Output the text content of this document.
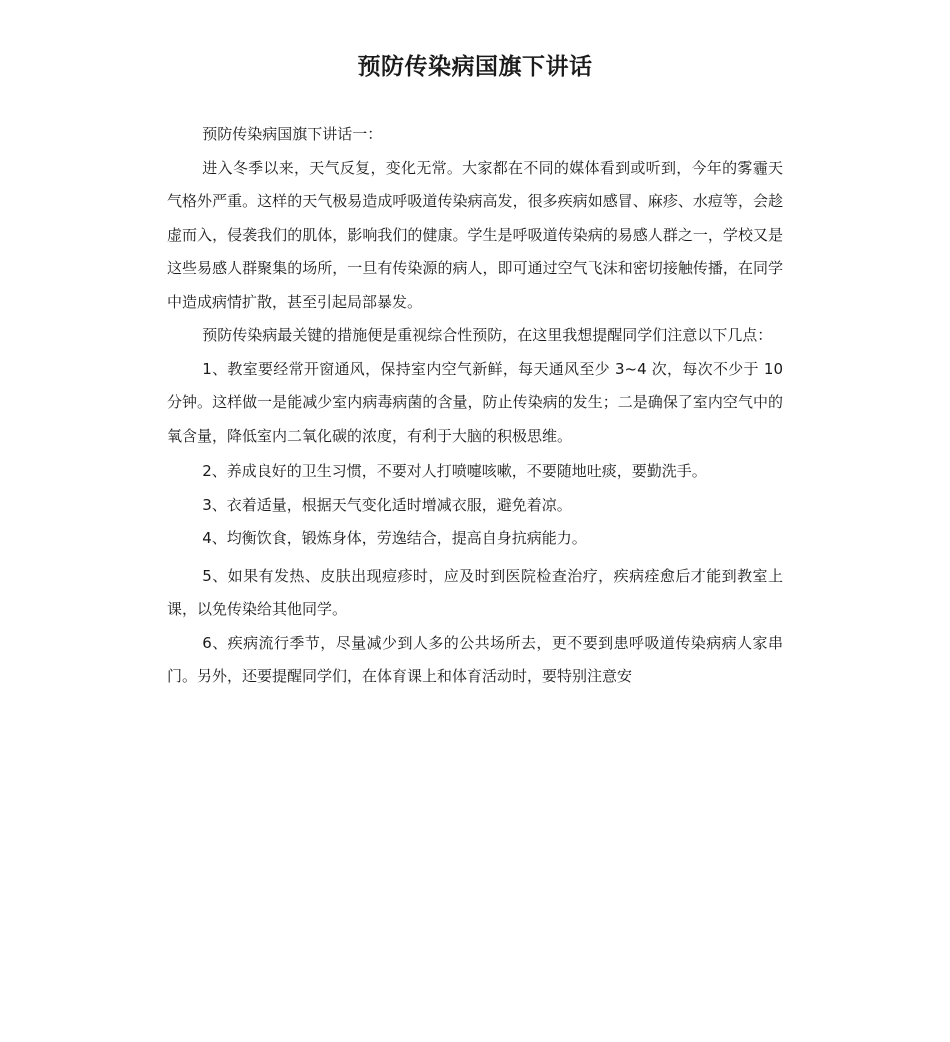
预防传染病国旗下讲话

预防传染病国旗下讲话一：

进入冬季以来，天气反复，变化无常。大家都在不同的媒体看到或听到，今年的雾霾天气格外严重。这样的天气极易造成呼吸道传染病高发，很多疾病如感冒、麻疹、水痘等，会趁虚而入，侵袭我们的肌体，影响我们的健康。学生是呼吸道传染病的易感人群之一，学校又是这些易感人群聚集的场所，一旦有传染源的病人，即可通过空气飞沫和密切接触传播，在同学中造成病情扩散，甚至引起局部暴发。

预防传染病最关键的措施便是重视综合性预防，在这里我想提醒同学们注意以下几点：

1、教室要经常开窗通风，保持室内空气新鲜，每天通风至少 3~4 次，每次不少于 10 分钟。这样做一是能减少室内病毒病菌的含量，防止传染病的发生；二是确保了室内空气中的氧含量，降低室内二氧化碳的浓度，有利于大脑的积极思维。

2、养成良好的卫生习惯，不要对人打喷嚏咳嗽，不要随地吐痰，要勤洗手。

3、衣着适量，根据天气变化适时增减衣服，避免着凉。

4、均衡饮食，锻炼身体，劳逸结合，提高自身抗病能力。

5、如果有发热、皮肤出现痘疹时，应及时到医院检查治疗，疾病痊愈后才能到教室上课，以免传染给其他同学。

6、疾病流行季节，尽量减少到人多的公共场所去，更不要到患呼吸道传染病病人家串门。另外，还要提醒同学们，在体育课上和体育活动时，要特别注意安
